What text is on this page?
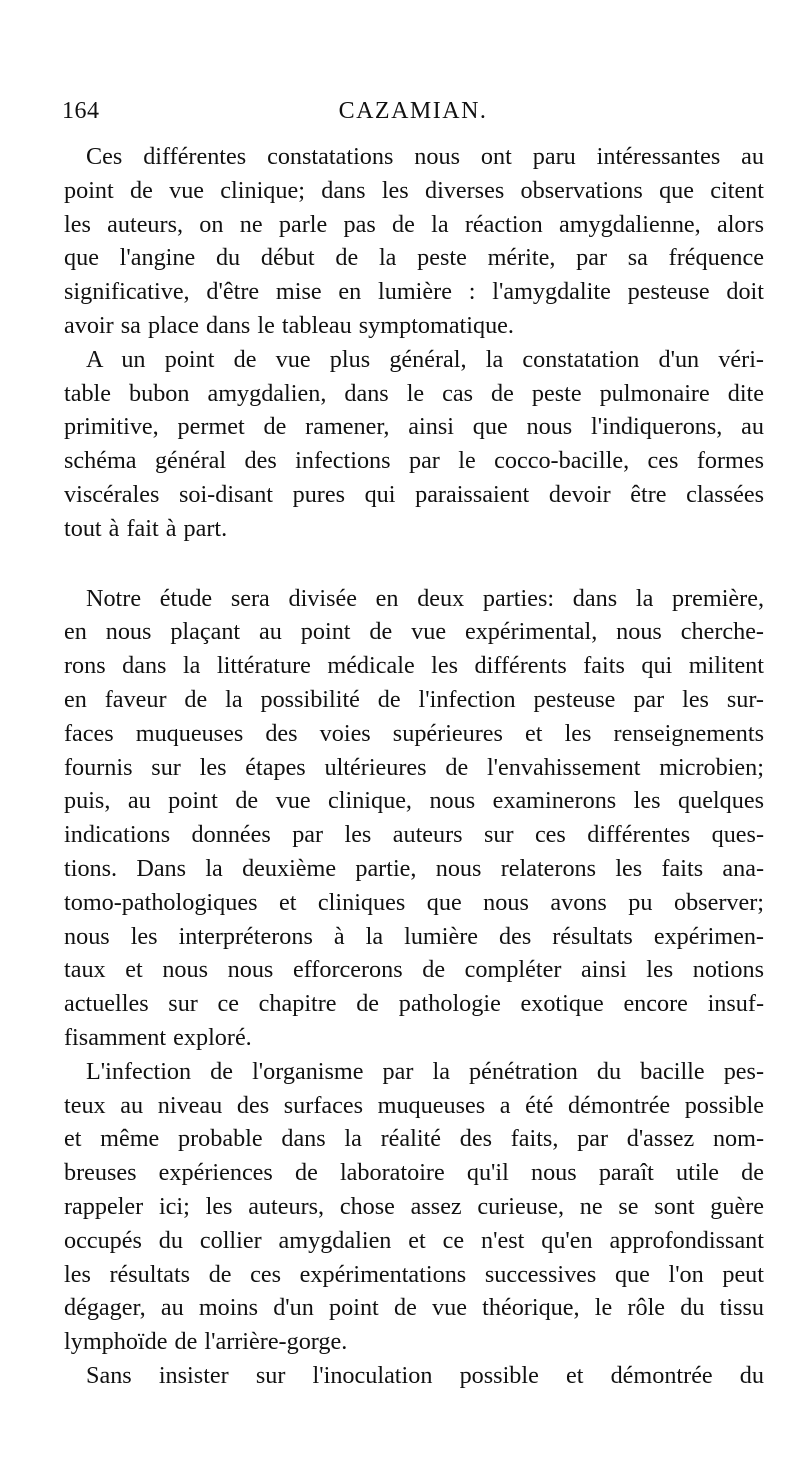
164	CAZAMIAN.
Ces différentes constatations nous ont paru intéressantes au
point de vue clinique; dans les diverses observations que citent
les auteurs, on ne parle pas de la réaction amygdalienne, alors
que l'angine du début de la peste mérite, par sa fréquence
significative, d'être mise en lumière : l'amygdalite pesteuse doit
avoir sa place dans le tableau symptomatique.
A un point de vue plus général, la constatation d'un véri-
table bubon amygdalien, dans le cas de peste pulmonaire dite
primitive, permet de ramener, ainsi que nous l'indiquerons, au
schéma général des infections par le cocco-bacille, ces formes
viscérales soi-disant pures qui paraissaient devoir être classées
tout à fait à part.
Notre étude sera divisée en deux parties: dans la première,
en nous plaçant au point de vue expérimental, nous cherche-
rons dans la littérature médicale les différents faits qui militent
en faveur de la possibilité de l'infection pesteuse par les sur-
faces muqueuses des voies supérieures et les renseignements
fournis sur les étapes ultérieures de l'envahissement microbien;
puis, au point de vue clinique, nous examinerons les quelques
indications données par les auteurs sur ces différentes ques-
tions. Dans la deuxième partie, nous relaterons les faits ana-
tomo-pathologiques et cliniques que nous avons pu observer;
nous les interpréterons à la lumière des résultats expérimen-
taux et nous nous efforcerons de compléter ainsi les notions
actuelles sur ce chapitre de pathologie exotique encore insuf-
fisamment exploré.
L'infection de l'organisme par la pénétration du bacille pes-
teux au niveau des surfaces muqueuses a été démontrée possible
et même probable dans la réalité des faits, par d'assez nom-
breuses expériences de laboratoire qu'il nous paraît utile de
rappeler ici; les auteurs, chose assez curieuse, ne se sont guère
occupés du collier amygdalien et ce n'est qu'en approfondissant
les résultats de ces expérimentations successives que l'on peut
dégager, au moins d'un point de vue théorique, le rôle du tissu
lymphoïde de l'arrière-gorge.
Sans insister sur l'inoculation possible et démontrée du
